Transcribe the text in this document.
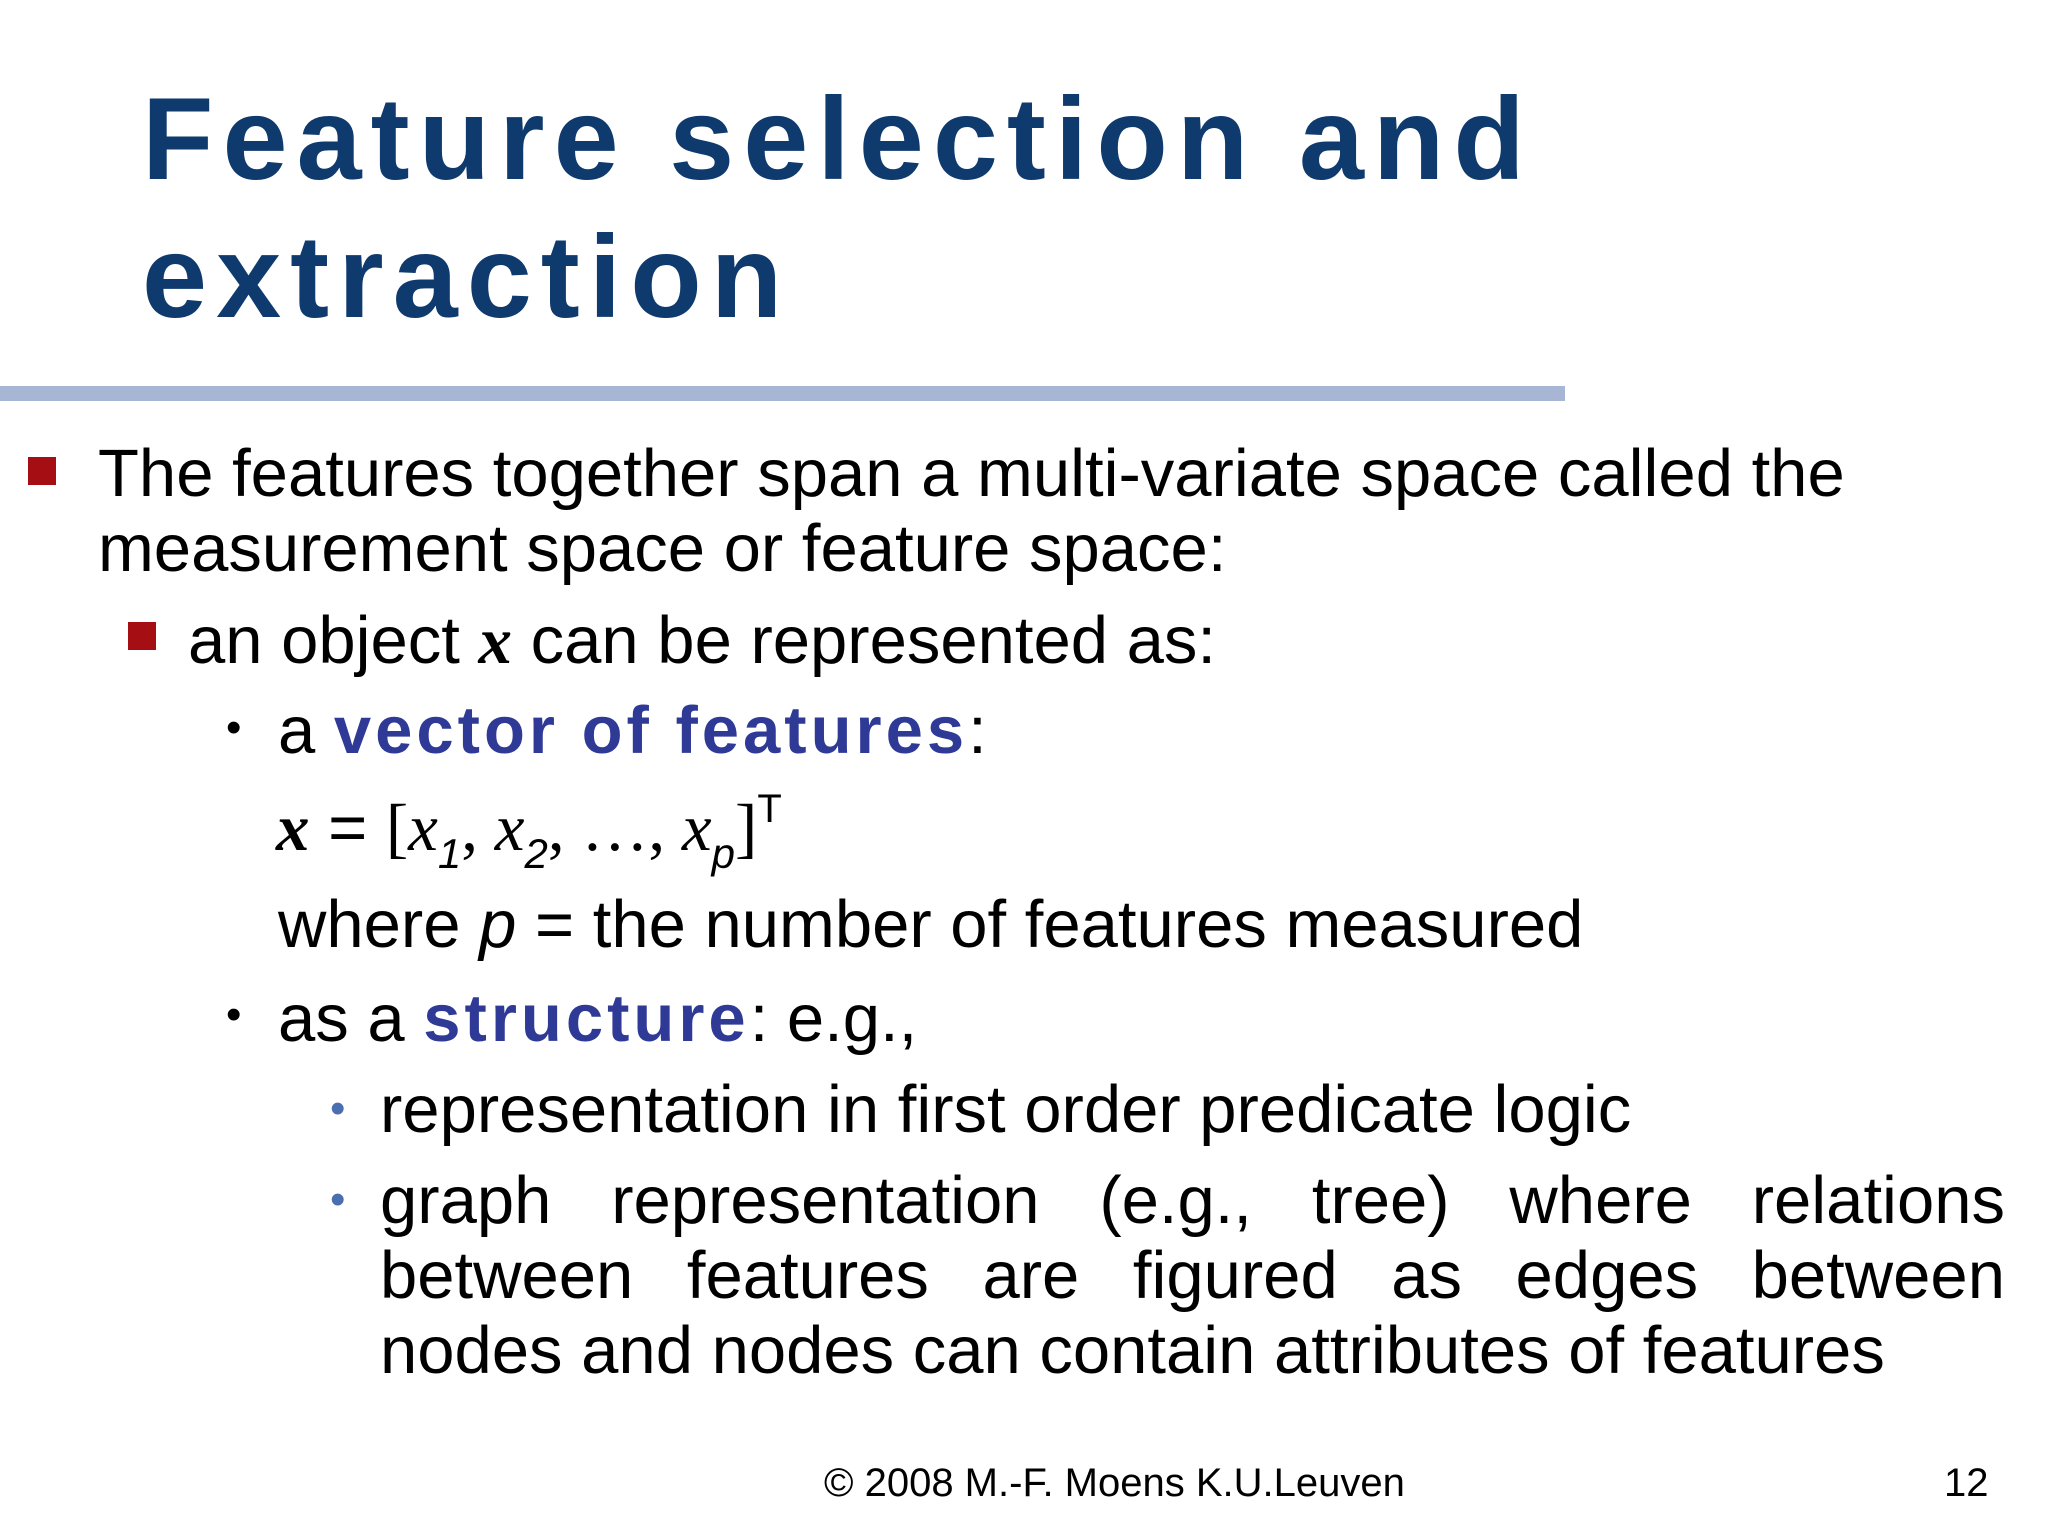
Feature selection and
extraction
The features together span a multi-variate space called the
measurement space or feature space:
an object x can be represented as:
• a vector of features:
$x = [x_1$, $x_2$, …, $x_p]^T$
where p = the number of features measured
• as a structure: e.g.,
• representation in first order predicate logic
• graph representation (e.g., tree) where relations
between features are figured as edges between
nodes and nodes can contain attributes of features
© 2008 M.-F. Moens K.U.Leuven	12
